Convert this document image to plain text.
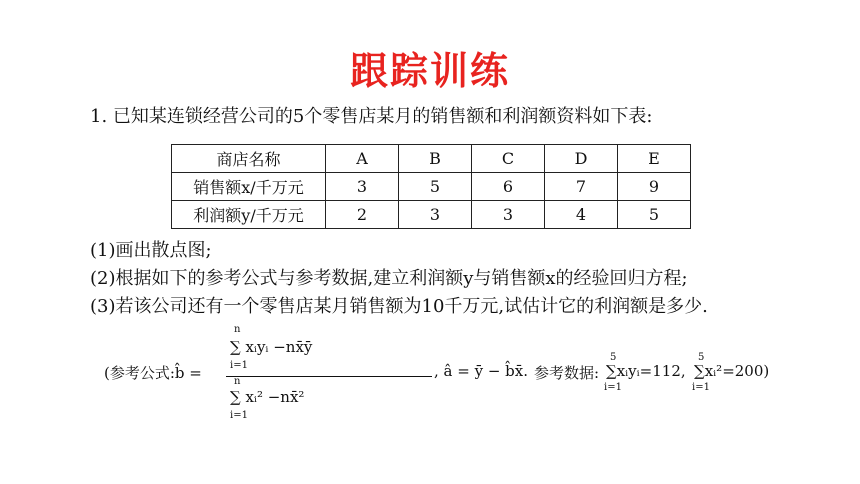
跟踪训练
1. 已知某连锁经营公司的5个零售店某月的销售额和利润额资料如下表:
商店名称	A	B	C	D	E
销售额x/千万元	3	5	6	7	9
利润额y/千万元	2	3	3	4	5
(1)画出散点图;
(2)根据如下的参考公式与参考数据,建立利润额y与销售额x的经验回归方程;
(3)若该公司还有一个零售店某月销售额为10千万元,试估计它的利润额是多少.
(参考公式:b̂ =
n
∑ xᵢyᵢ −nx̄ȳ
i=1
n
∑ xᵢ² −nx̄²
i=1
, â = ȳ − b̂x̄. 参考数据:
5
∑xᵢyᵢ=112,
i=1
5
∑xᵢ²=200)
i=1
